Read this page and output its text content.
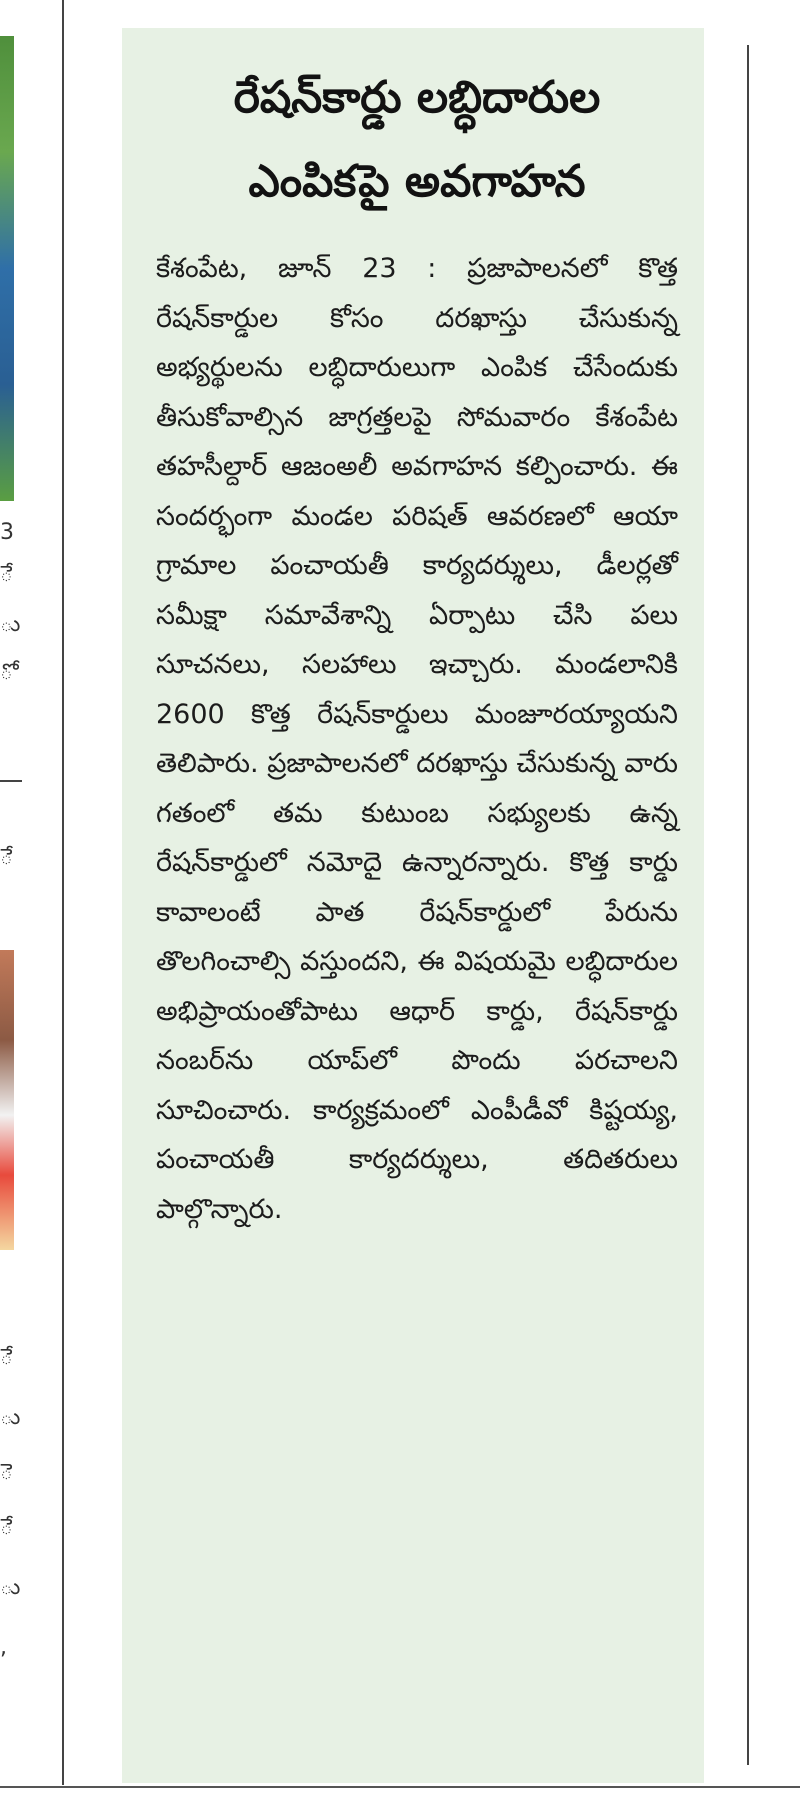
3
ే
ు
ో
ే
ే
ు
ె
ే
ు
,
రేషన్‌కార్డు లబ్ధిదారుల ఎంపికపై అవగాహన

కేశంపేట, జూన్ 23 : ప్రజాపాలనలో కొత్త రేషన్‌కార్డుల కోసం దరఖాస్తు చేసుకున్న అభ్యర్థులను లబ్ధిదారులుగా ఎంపిక చేసేందుకు తీసుకోవాల్సిన జాగ్రత్తలపై సోమవారం కేశంపేట తహసీల్దార్ ఆజంఅలీ అవగాహన కల్పించారు. ఈ సందర్భంగా మండల పరిషత్ ఆవరణలో ఆయా గ్రామాల పంచాయతీ కార్యదర్శులు, డీలర్లతో సమీక్షా సమావేశాన్ని ఏర్పాటు చేసి పలు సూచనలు, సలహాలు ఇచ్చారు. మండలానికి 2600 కొత్త రేషన్‌కార్డులు మంజూరయ్యాయని తెలిపారు. ప్రజాపాలనలో దరఖాస్తు చేసుకున్న వారు గతంలో తమ కుటుంబ సభ్యులకు ఉన్న రేషన్‌కార్డులో నమోదై ఉన్నారన్నారు. కొత్త కార్డు కావాలంటే పాత రేషన్‌కార్డులో పేరును తొలగించాల్సి వస్తుందని, ఈ విషయమై లబ్ధిదారుల అభిప్రాయంతోపాటు ఆధార్ కార్డు, రేషన్‌కార్డు నంబర్‌ను యాప్‌లో పొందు పరచాలని సూచించారు. కార్యక్రమంలో ఎంపీడీవో కిష్టయ్య, పంచాయతీ కార్యదర్శులు, తదితరులు పాల్గొన్నారు.
